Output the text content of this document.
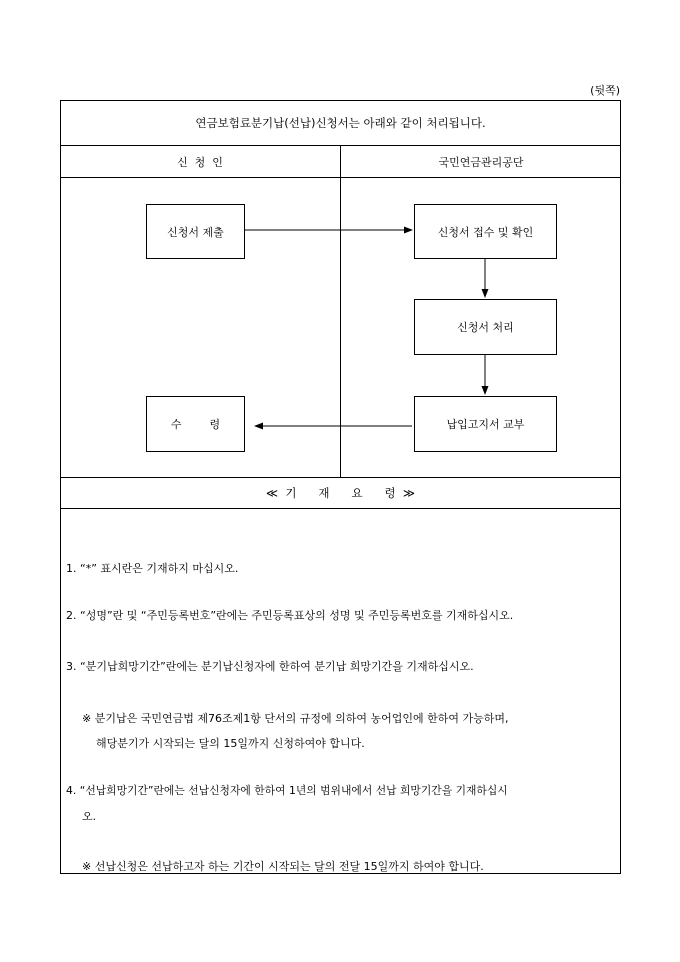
(뒷쪽)
연금보험료분기납(선납)신청서는 아래와 같이 처리됩니다.
신  청  인	국민연금관리공단
신청서 제출	신청서 접수 및 확인
신청서 처리
납입고지서 교부
수        령
≪  기      재      요      령  ≫
1. “*” 표시란은 기재하지 마십시오.
2. “성명”란 및 “주민등록번호”란에는 주민등록표상의 성명 및 주민등록번호를 기재하십시오.
3. “분기납희망기간”란에는 분기납신청자에 한하여 분기납 희망기간을 기재하십시오.
※ 분기납은 국민연금법 제76조제1항 단서의 규정에 의하여 농어업인에 한하여 가능하며,
해당분기가 시작되는 달의 15일까지 신청하여야 합니다.
4. “선납희망기간”란에는 선납신청자에 한하여 1년의 범위내에서 선납 희망기간을 기재하십시
오.
※ 선납신청은 선납하고자 하는 기간이 시작되는 달의 전달 15일까지 하여야 합니다.
